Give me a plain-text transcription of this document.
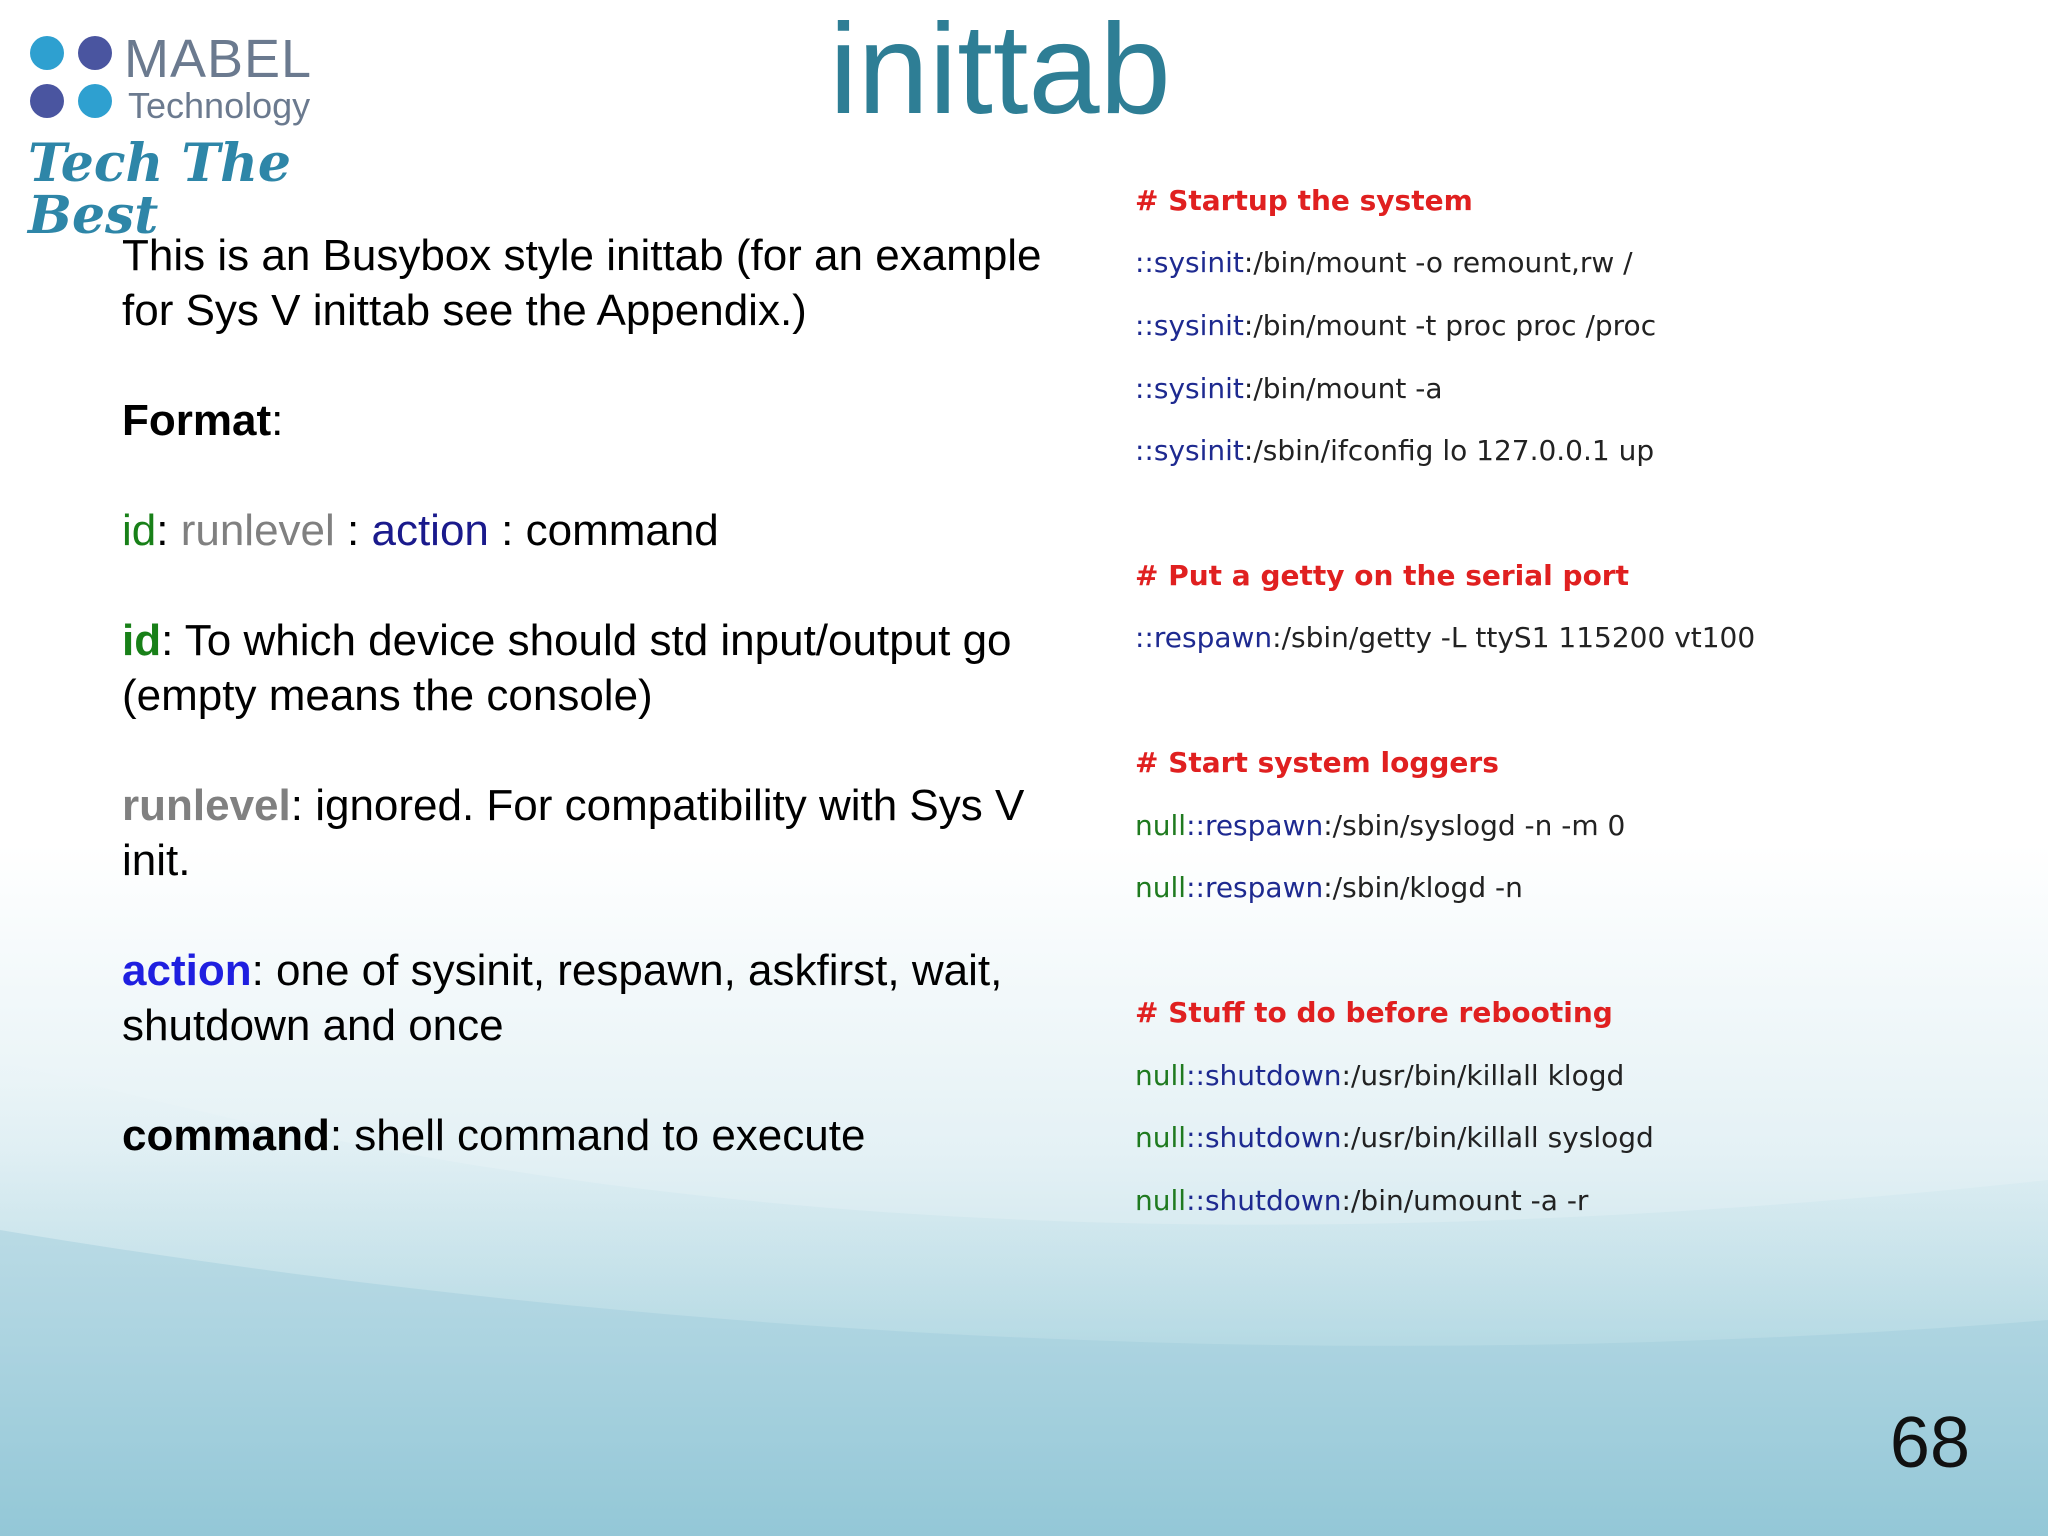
MABEL
Technology
Tech The Best
inittab

This is an Busybox style inittab (for an example for Sys V inittab see the Appendix.)

Format:

id: runlevel : action : command

id: To which device should std input/output go (empty means the console)

runlevel: ignored. For compatibility with Sys V init.

action: one of sysinit, respawn, askfirst, wait, shutdown and once

command: shell command to execute

# Startup the system
::sysinit:/bin/mount -o remount,rw /
::sysinit:/bin/mount -t proc proc /proc
::sysinit:/bin/mount -a
::sysinit:/sbin/ifconfig lo 127.0.0.1 up
# Put a getty on the serial port
::respawn:/sbin/getty -L ttyS1 115200 vt100
# Start system loggers
null::respawn:/sbin/syslogd -n -m 0
null::respawn:/sbin/klogd -n
# Stuff to do before rebooting
null::shutdown:/usr/bin/killall klogd
null::shutdown:/usr/bin/killall syslogd
null::shutdown:/bin/umount -a -r
68
